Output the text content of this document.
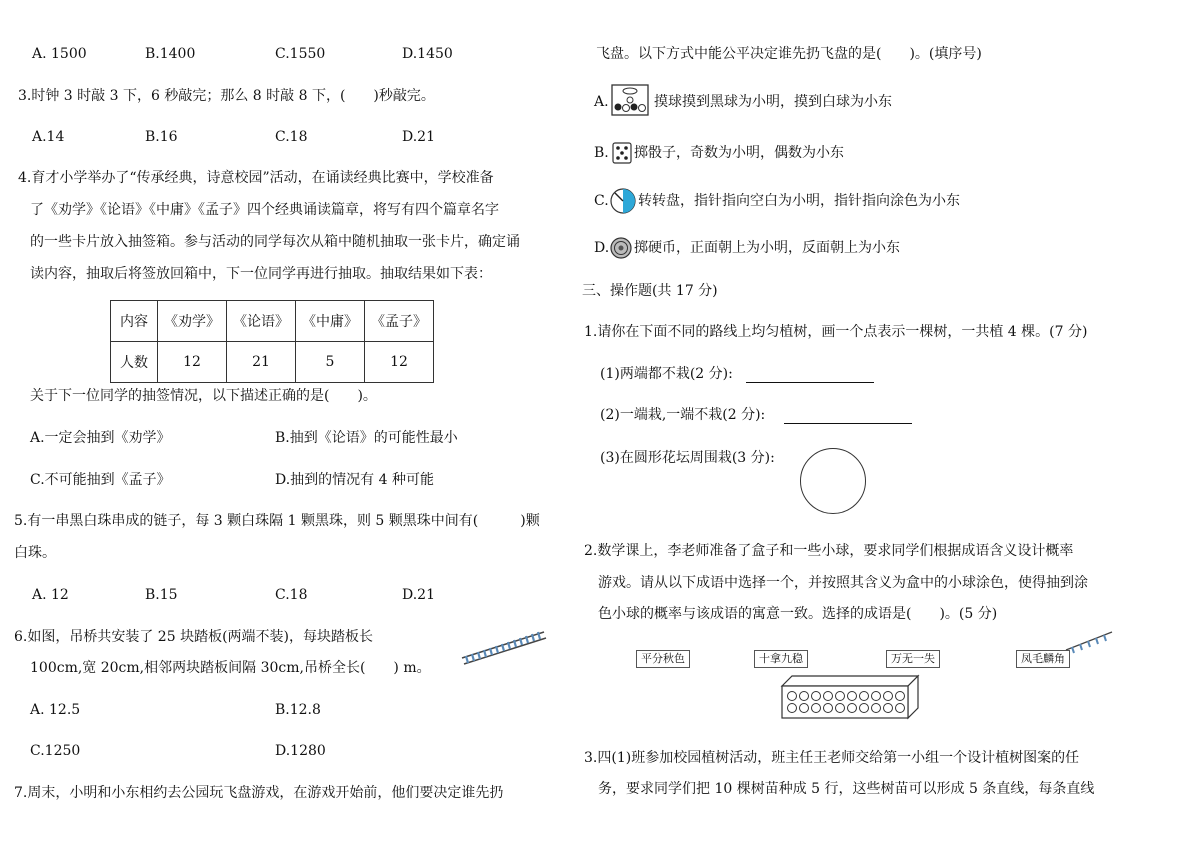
A. 1500	B.1400	C.1550	D.1450
3.时钟 3 时敲 3 下，6 秒敲完；那么 8 时敲 8 下，(　　)秒敲完。
A.14	B.16	C.18	D.21
4.育才小学举办了“传承经典，诗意校园”活动，在诵读经典比赛中，学校准备
了《劝学》《论语》《中庸》《孟子》四个经典诵读篇章，将写有四个篇章名字
的一些卡片放入抽签箱。参与活动的同学每次从箱中随机抽取一张卡片，确定诵
读内容，抽取后将签放回箱中，下一位同学再进行抽取。抽取结果如下表：
内容	《劝学》	《论语》	《中庸》	《孟子》
人数	12	21	5	12
关于下一位同学的抽签情况，以下描述正确的是(　　)。
A.一定会抽到《劝学》	B.抽到《论语》的可能性最小
C.不可能抽到《孟子》	D.抽到的情况有 4 种可能
5.有一串黑白珠串成的链子，每 3 颗白珠隔 1 颗黑珠，则 5 颗黑珠中间有(　　　)颗
白珠。
A. 12	B.15	C.18	D.21
6.如图，吊桥共安装了 25 块踏板(两端不装)，每块踏板长
100cm,宽 20cm,相邻两块踏板间隔 30cm,吊桥全长(　　) m。
A. 12.5	B.12.8
C.1250	D.1280
7.周末，小明和小东相约去公园玩飞盘游戏，在游戏开始前，他们要决定谁先扔
飞盘。以下方式中能公平决定谁先扔飞盘的是(　　)。(填序号)
A.	摸球摸到黑球为小明，摸到白球为小东
B. 掷骰子，奇数为小明，偶数为小东
C. 转转盘，指针指向空白为小明，指针指向涂色为小东
D. 掷硬币，正面朝上为小明，反面朝上为小东
三、操作题(共 17 分)
1.请你在下面不同的路线上均匀植树，画一个点表示一棵树，一共植 4 棵。(7 分)
(1)两端都不栽(2 分):
(2)一端栽,一端不栽(2 分):
(3)在圆形花坛周围栽(3 分):
2.数学课上，李老师准备了盒子和一些小球，要求同学们根据成语含义设计概率
游戏。请从以下成语中选择一个，并按照其含义为盒中的小球涂色，使得抽到涂
色小球的概率与该成语的寓意一致。选择的成语是(　　)。(5 分)
平分秋色	十拿九稳	万无一失	凤毛麟角
3.四(1)班参加校园植树活动，班主任王老师交给第一小组一个设计植树图案的任
务，要求同学们把 10 棵树苗种成 5 行，这些树苗可以形成 5 条直线，每条直线
